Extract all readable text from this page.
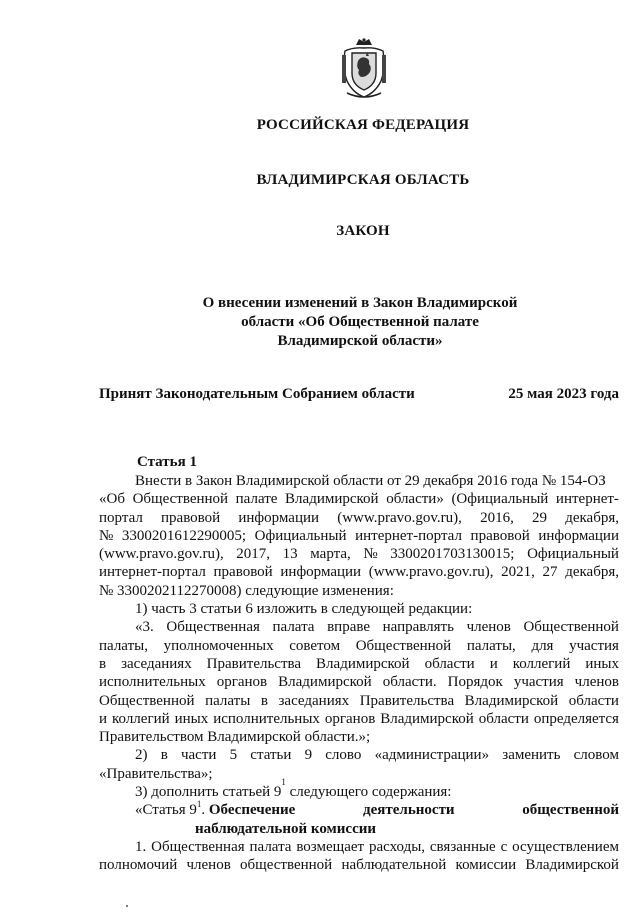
РОССИЙСКАЯ ФЕДЕРАЦИЯ
ВЛАДИМИРСКАЯ ОБЛАСТЬ
ЗАКОН
О внесении изменений в Закон Владимирской
области «Об Общественной палате
Владимирской области»
Принят Законодательным Собранием области	25 мая 2023 года
Статья 1
Внести в Закон Владимирской области от 29 декабря 2016 года № 154-ОЗ
«Об Общественной палате Владимирской области» (Официальный интернет-
портал правовой информации (www.pravo.gov.ru), 2016, 29 декабря,
№ 3300201612290005; Официальный интернет-портал правовой информации
(www.pravo.gov.ru), 2017, 13 марта, № 3300201703130015; Официальный
интернет-портал правовой информации (www.pravo.gov.ru), 2021, 27 декабря,
№ 3300202112270008) следующие изменения:
1) часть 3 статьи 6 изложить в следующей редакции:
«3. Общественная палата вправе направлять членов Общественной
палаты, уполномоченных советом Общественной палаты, для участия
в заседаниях Правительства Владимирской области и коллегий иных
исполнительных органов Владимирской области. Порядок участия членов
Общественной палаты в заседаниях Правительства Владимирской области
и коллегий иных исполнительных органов Владимирской области определяется
Правительством Владимирской области.»;
2) в части 5 статьи 9 слово «администрации» заменить словом
«Правительства»;
3) дополнить статьей 9
$^1$
следующего содержания:
«Статья $9^1$. Обеспечение	деятельности	общественной
наблюдательной комиссии
1. Общественная палата возмещает расходы, связанные с осуществлением
полномочий членов общественной наблюдательной комиссии Владимирской
